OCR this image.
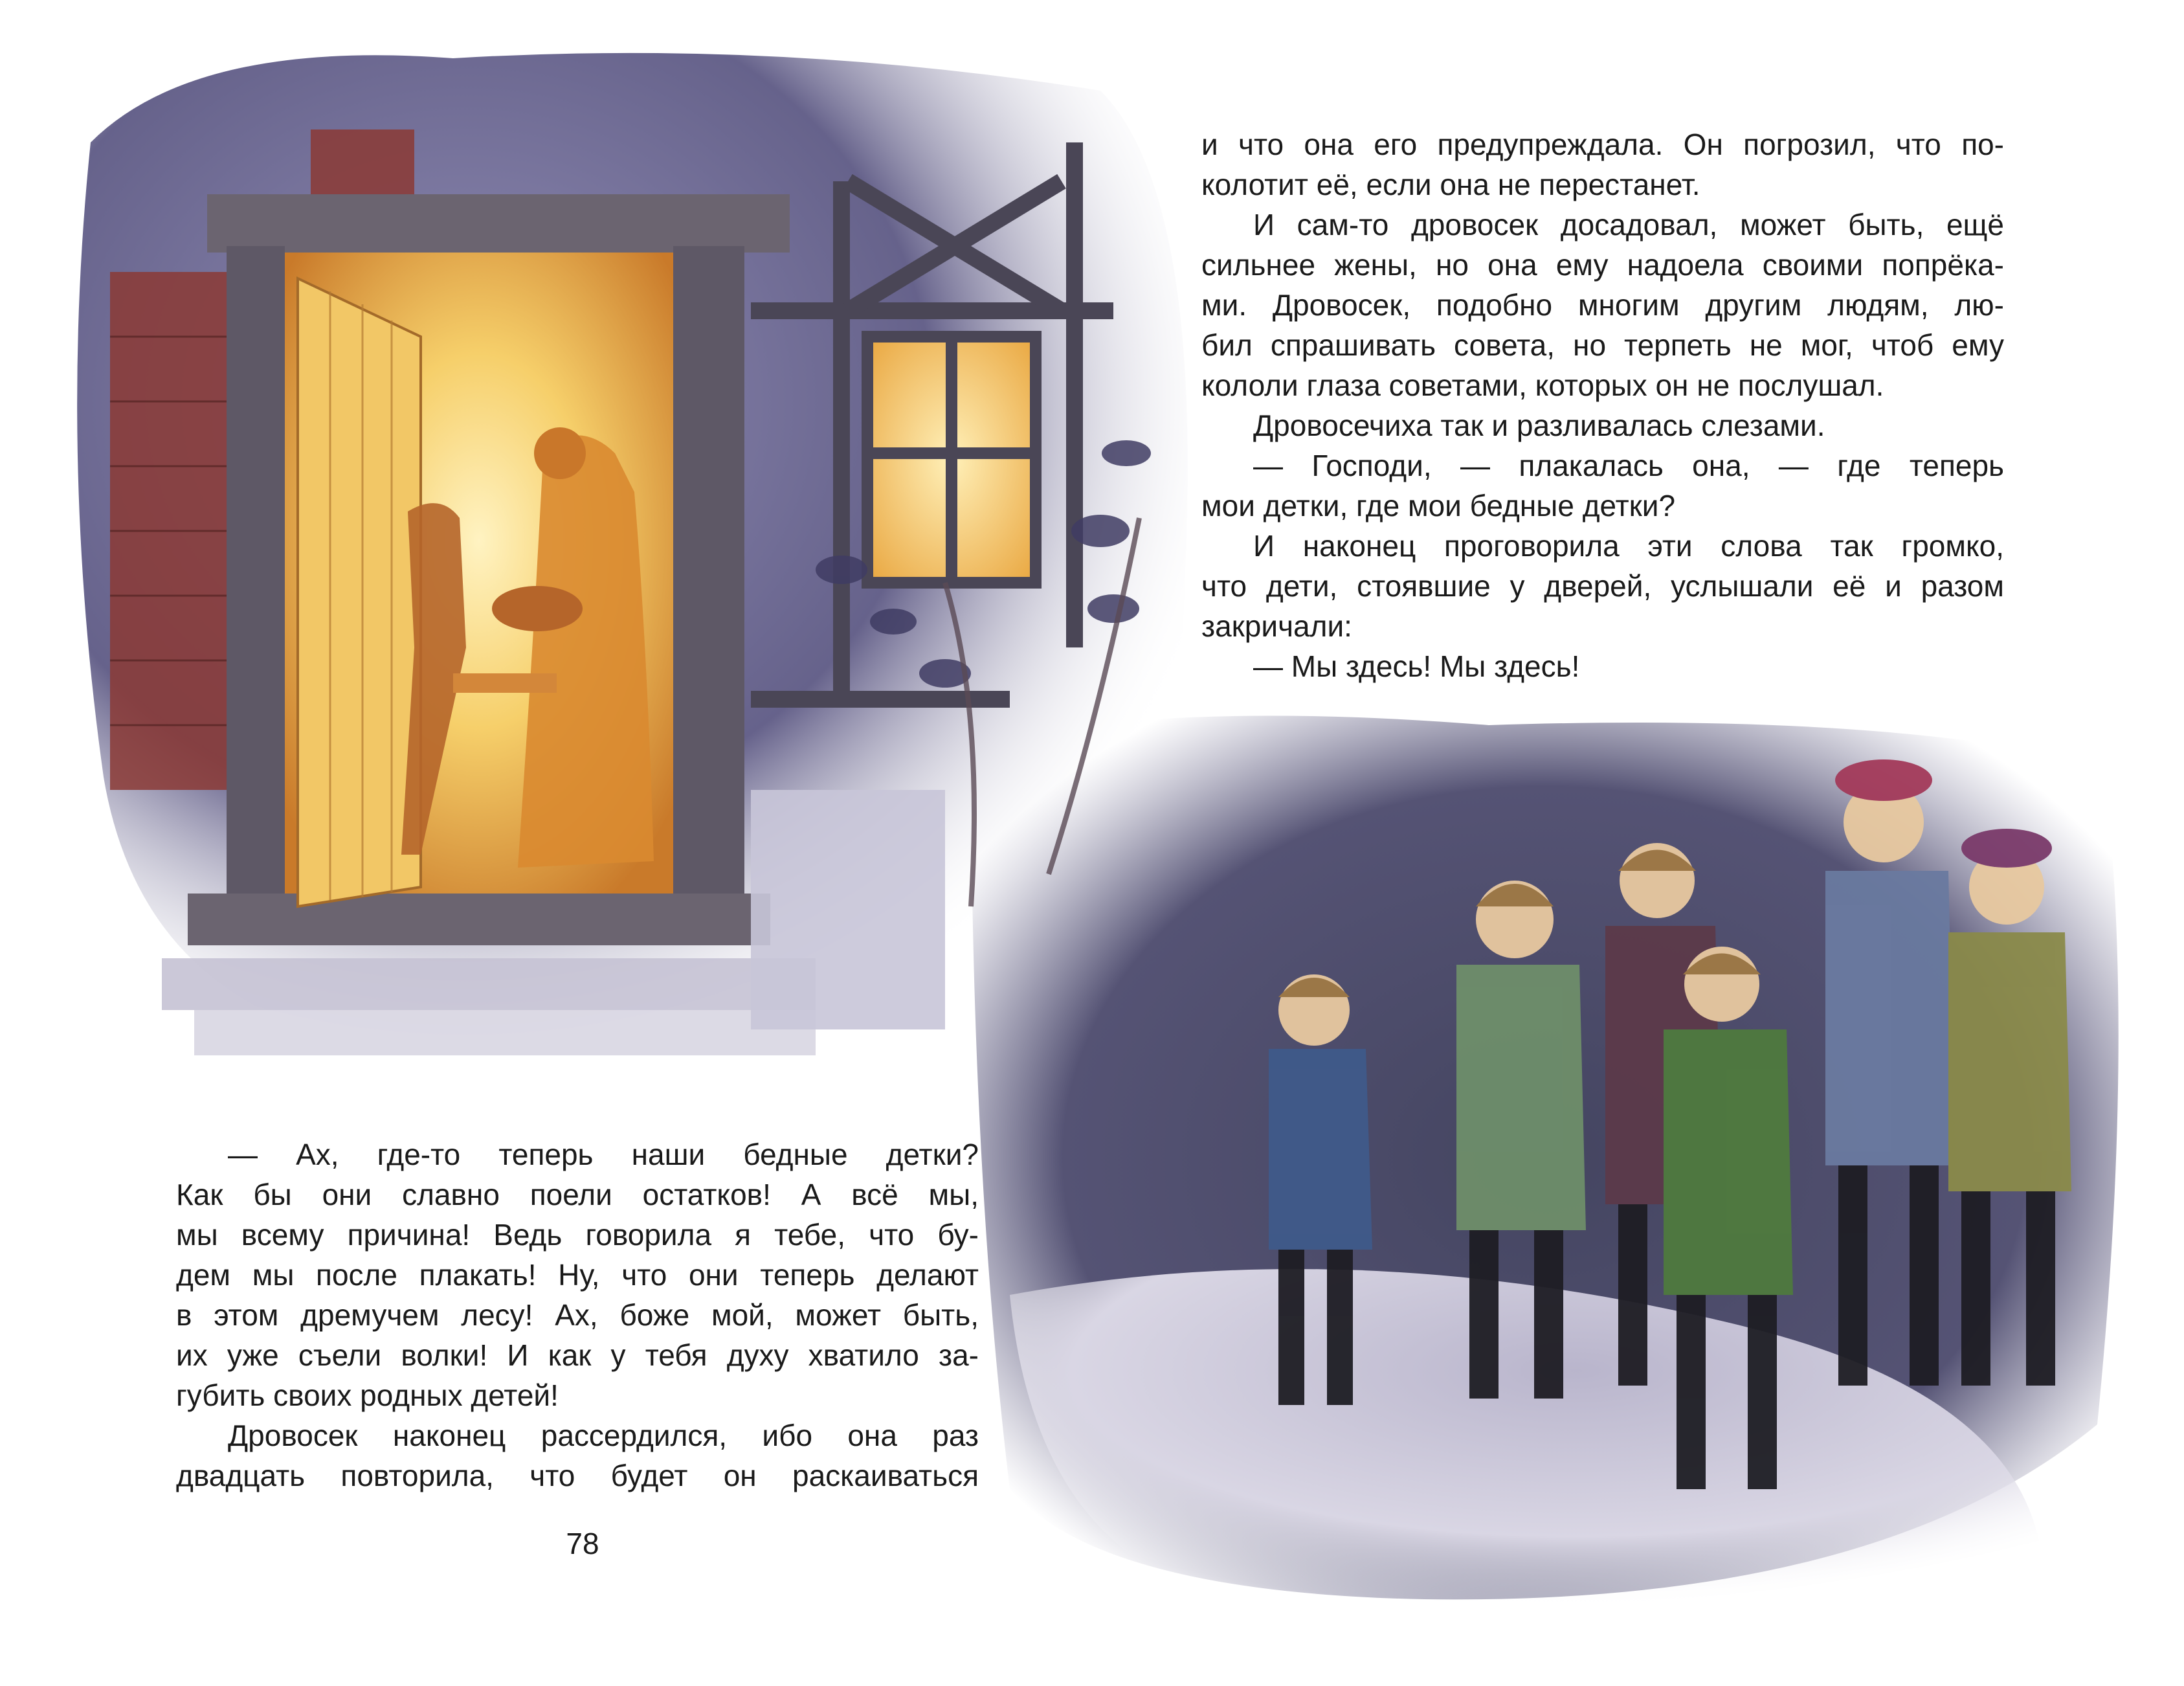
и что она его предупреждала. Он погрозил, что по-
колотит её, если она не перестанет.
И сам-то дровосек досадовал, может быть, ещё
сильнее жены, но она ему надоела своими попрёка-
ми. Дровосек, подобно многим другим людям, лю-
бил спрашивать совета, но терпеть не мог, чтоб ему
кололи глаза советами, которых он не послушал.
Дровосечиха так и разливалась слезами.
— Господи, — плакалась она, — где теперь
мои детки, где мои бедные детки?
И наконец проговорила эти слова так громко,
что дети, стоявшие у дверей, услышали её и разом
закричали:
— Мы здесь! Мы здесь!
— Ах, где-то теперь наши бедные детки?
Как бы они славно поели остатков! А всё мы,
мы всему причина! Ведь говорила я тебе, что бу-
дем мы после плакать! Ну, что они теперь делают
в этом дремучем лесу! Ах, боже мой, может быть,
их уже съели волки! И как у тебя духу хватило за-
губить своих родных детей!
Дровосек наконец рассердился, ибо она раз
двадцать повторила, что будет он раскаиваться
78
